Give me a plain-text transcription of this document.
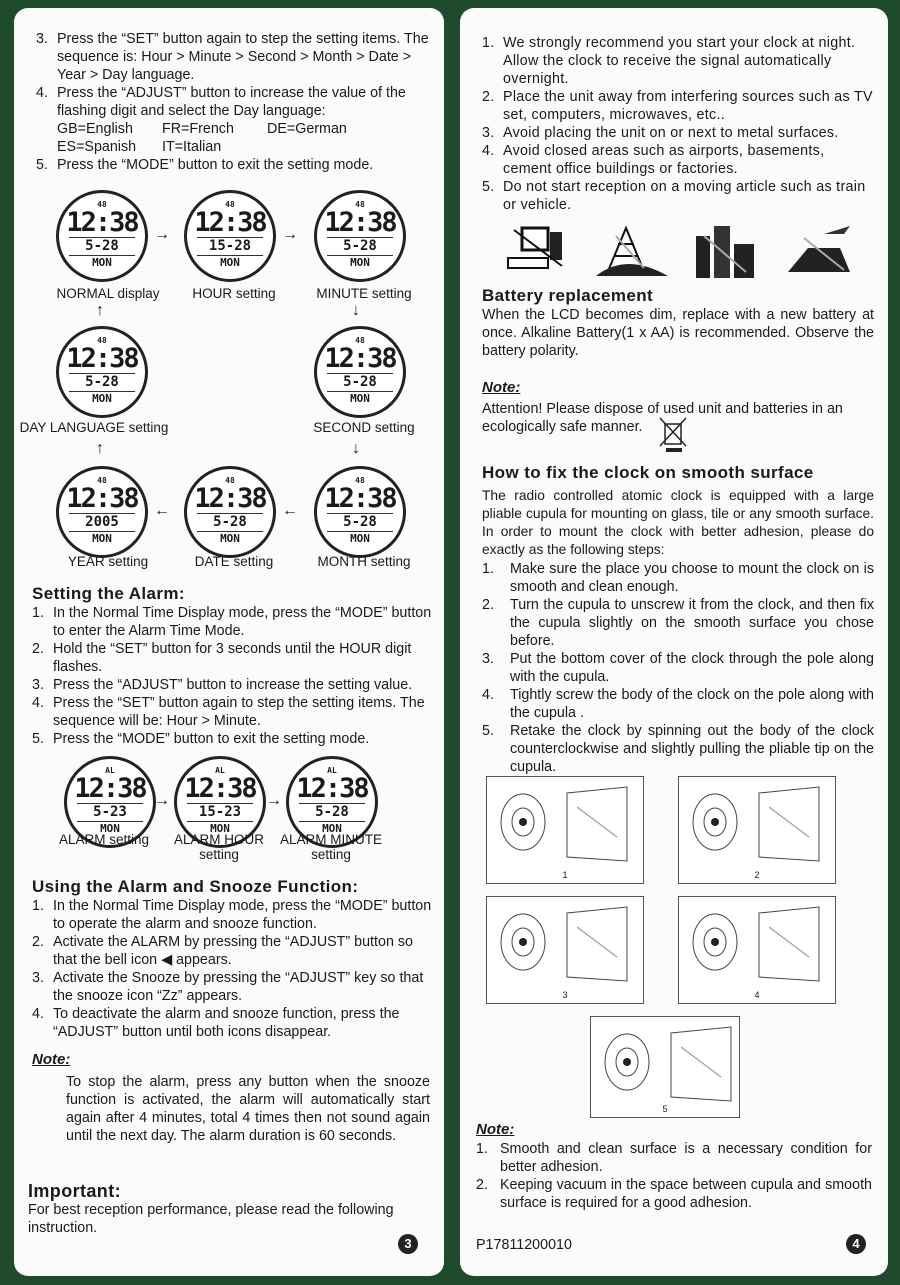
3. Press the “SET” button again to step the setting items. The sequence is: Hour > Minute > Second > Month > Date > Year > Day language.
4. Press the “ADJUST” button to increase the value of the flashing digit and select the Day language:
GB=English	FR=French	DE=German
ES=Spanish	IT=Italian
5. Press the “MODE” button to exit the setting mode.
48
12:38
5-28
MON
NORMAL display
48
12:38
15-28
MON
HOUR setting
48
12:38
5-28
MON
MINUTE setting
48
12:38
5-28
MON
DAY LANGUAGE setting
48
12:38
5-28
MON
SECOND setting
48
12:38
2005
MON
YEAR setting
48
12:38
5-28
MON
DATE setting
48
12:38
5-28
MON
MONTH setting
→	→
↓
↓
←
←
↑
↑
Setting the Alarm:
1. In the Normal Time Display mode, press the “MODE” button to enter the Alarm Time Mode.
2. Hold the “SET” button for 3 seconds until the HOUR digit flashes.
3. Press the “ADJUST” button to increase the setting value.
4. Press the “SET” button again to step the setting items. The sequence will be: Hour > Minute.
5. Press the “MODE” button to exit the setting mode.
AL
12:38
5-23
MON
ALARM setting
AL
12:38
15-23
MON
ALARM HOUR setting
AL
12:38
5-28
MON
ALARM MINUTE setting
→	→
Using the Alarm and Snooze Function:
1. In the Normal Time Display mode, press the “MODE” button to operate the alarm and snooze function.
2. Activate the ALARM by pressing the “ADJUST” button so that the bell icon ◀ appears.
3. Activate the Snooze by pressing the “ADJUST” key so that the snooze icon “Zz” appears.
4. To deactivate the alarm and snooze function, press the “ADJUST” button until both icons disappear.
Note:
To stop the alarm, press any button when the snooze function is activated, the alarm will automatically start again after 4 minutes, total 4 times then not sound again until the next day. The alarm duration is 60 seconds.
Important:
For best reception performance, please read the following instruction.
3
1. We strongly recommend you start your clock at night. Allow the clock to receive the signal automatically overnight.
2. Place the unit away from interfering sources such as TV set, computers, microwaves, etc..
3. Avoid placing the unit on or next to metal surfaces.
4. Avoid closed areas such as airports, basements, cement office buildings or factories.
5. Do not start reception on a moving article such as train or vehicle.
Battery replacement
When the LCD becomes dim, replace with a new battery at once. Alkaline Battery(1 x AA) is recommended. Observe the battery polarity.
Note:
Attention! Please dispose of used unit and batteries in an ecologically safe manner.
How to fix the clock on smooth surface
The radio controlled atomic clock is equipped with a large pliable cupula for mounting on glass, tile or any smooth surface. In order to mount the clock with better adhesion, please do exactly as the following steps:
1. Make sure the place you choose to mount the clock on is smooth and clean enough.
2. Turn the cupula to unscrew it from the clock, and then fix the cupula slightly on the smooth surface you chose before.
3. Put the bottom cover of the clock through the pole along with the cupula.
4. Tightly screw the body of the clock on the pole along with the cupula .
5. Retake the clock by spinning out the body of the clock counterclockwise and slightly pulling the pliable tip on the cupula.
1	2
3	4
5
Note:
1. Smooth and clean surface is a necessary condition for better adhesion.
2. Keeping vacuum in the space between cupula and smooth surface is required for a good adhesion.
P17811200010	4
